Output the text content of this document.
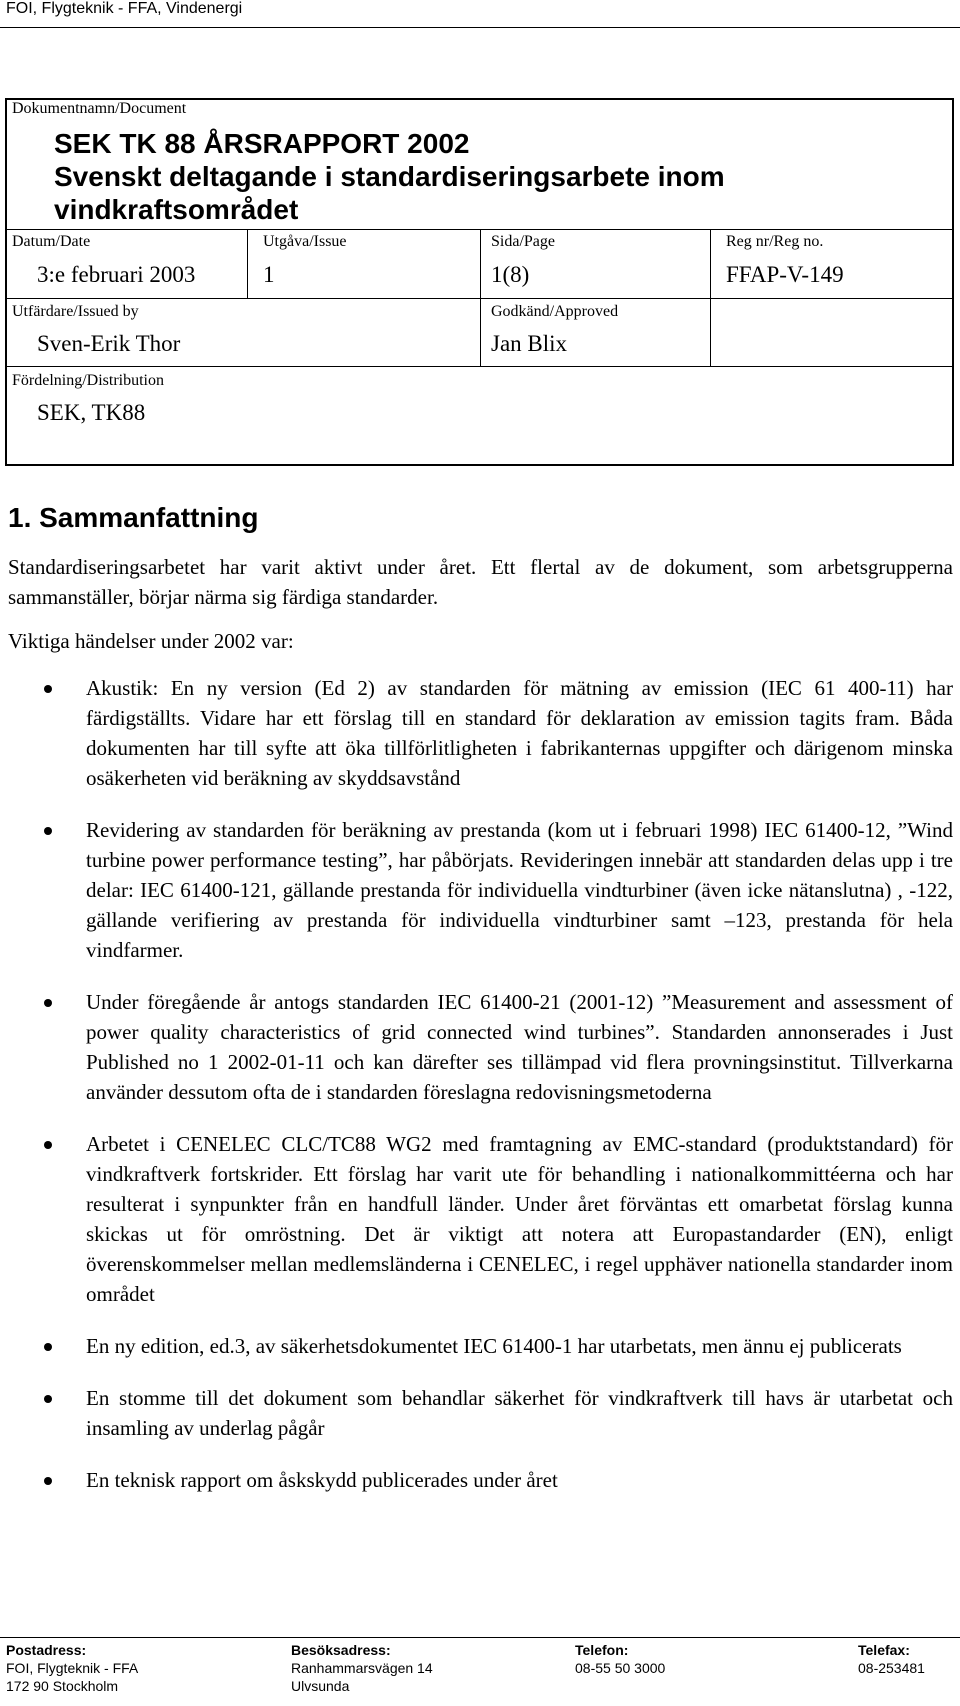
FOI, Flygteknik - FFA, Vindenergi
Dokumentnamn/Document
SEK TK 88 ÅRSRAPPORT 2002
Svenskt deltagande i standardiseringsarbete inom
vindkraftsområdet
Datum/Date
3:e februari 2003
Utgåva/Issue
1
Sida/Page
1(8)
Reg nr/Reg no.
FFAP-V-149
Utfärdare/Issued by
Sven-Erik Thor
Godkänd/Approved
Jan Blix
Fördelning/Distribution
SEK, TK88
1. Sammanfattning
Standardiseringsarbetet har varit aktivt under året. Ett flertal av de dokument, som arbetsgrupperna sammanställer, börjar närma sig färdiga standarder.
Viktiga händelser under 2002 var:
Akustik: En ny version (Ed 2) av standarden för mätning av emission (IEC 61 400-11) har färdigställts. Vidare har ett förslag till en standard för deklaration av emission tagits fram. Båda dokumenten har till syfte att öka tillförlitligheten i fabrikanternas uppgifter och därigenom minska osäkerheten vid beräkning av skyddsavstånd
Revidering av standarden för beräkning av prestanda (kom ut i februari 1998) IEC 61400-12, ”Wind turbine power performance testing”, har påbörjats. Revideringen innebär att standarden delas upp i tre delar: IEC 61400-121, gällande prestanda för individuella vindturbiner (även icke nätanslutna) , -122, gällande verifiering av prestanda för individuella vindturbiner samt –123, prestanda för hela vindfarmer.
Under föregående år antogs standarden IEC 61400-21 (2001-12) ”Measurement and assessment of power quality characteristics of grid connected wind turbines”. Standarden annonserades i Just Published no 1 2002-01-11 och kan därefter ses tillämpad vid flera provningsinstitut. Tillverkarna använder dessutom ofta de i standarden föreslagna redovisningsmetoderna
Arbetet i CENELEC CLC/TC88 WG2 med framtagning av EMC-standard (produktstandard) för vindkraftverk fortskrider. Ett förslag har varit ute för behandling i nationalkommittéerna och har resulterat i synpunkter från en handfull länder. Under året förväntas ett omarbetat förslag kunna skickas ut för omröstning. Det är viktigt att notera att Europastandarder (EN), enligt överenskommelser mellan medlemsländerna i CENELEC, i regel upphäver nationella standarder inom området
En ny edition, ed.3, av säkerhetsdokumentet IEC 61400-1 har utarbetats, men ännu ej publicerats
En stomme till det dokument som behandlar säkerhet för vindkraftverk till havs är utarbetat och insamling av underlag pågår
En teknisk rapport om åskskydd publicerades under året
Postadress:
FOI, Flygteknik - FFA
172 90 Stockholm
Besöksadress:
Ranhammarsvägen 14
Ulvsunda
Telefon:
08-55 50 3000
Telefax:
08-253481
